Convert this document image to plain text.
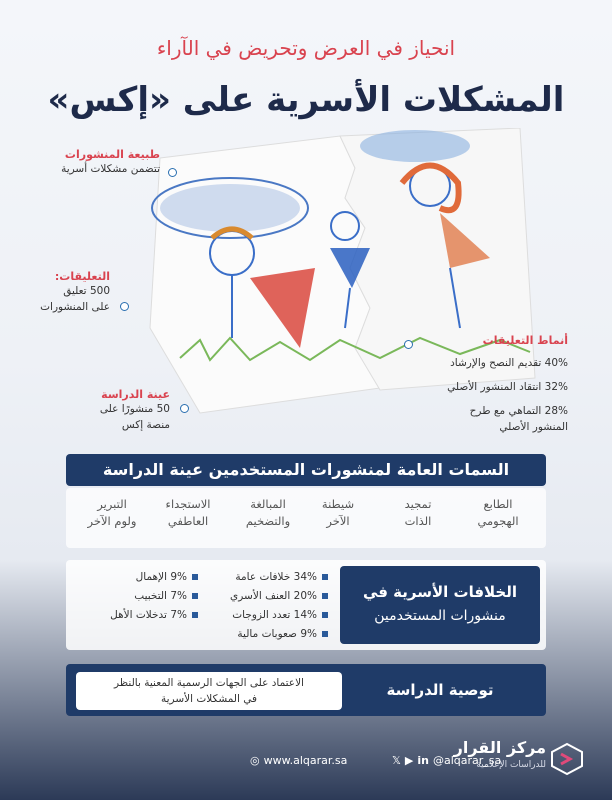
انحياز في العرض وتحريض في الآراء
المشكلات الأسرية على «إكس»
طبيعة المنشورات
تتضمن مشكلات أسرية
التعليقات:
500 تعليق
على المنشورات
عينة الدراسة
50 منشورًا على
منصة إكس
أنماط التعليقات
40% تقديم النصح والإرشاد
32% انتقاد المنشور الأصلي
28% التماهي مع طرح
المنشور الأصلي
السمات العامة لمنشورات المستخدمين عينة الدراسة
الطابع
الهجومي
تمجيد
الذات
شيطنة
الآخر
المبالغة
والتضخيم
الاستجداء
العاطفي
التبرير
ولوم الآخر
الخلافات الأسرية في
منشورات المستخدمين
34% خلافات عامة
20% العنف الأسري
14% تعدد الزوجات
9% صعوبات مالية
9% الإهمال
7% التخبيب
7% تدخلات الأهل
توصية الدراسة
الاعتماد على الجهات الرسمية المعنية بالنظر
في المشكلات الأسرية
مركز القرار
للدراسات الإعلامية
𝕏 ▶ in @alqarar_sa
◎ www.alqarar.sa
